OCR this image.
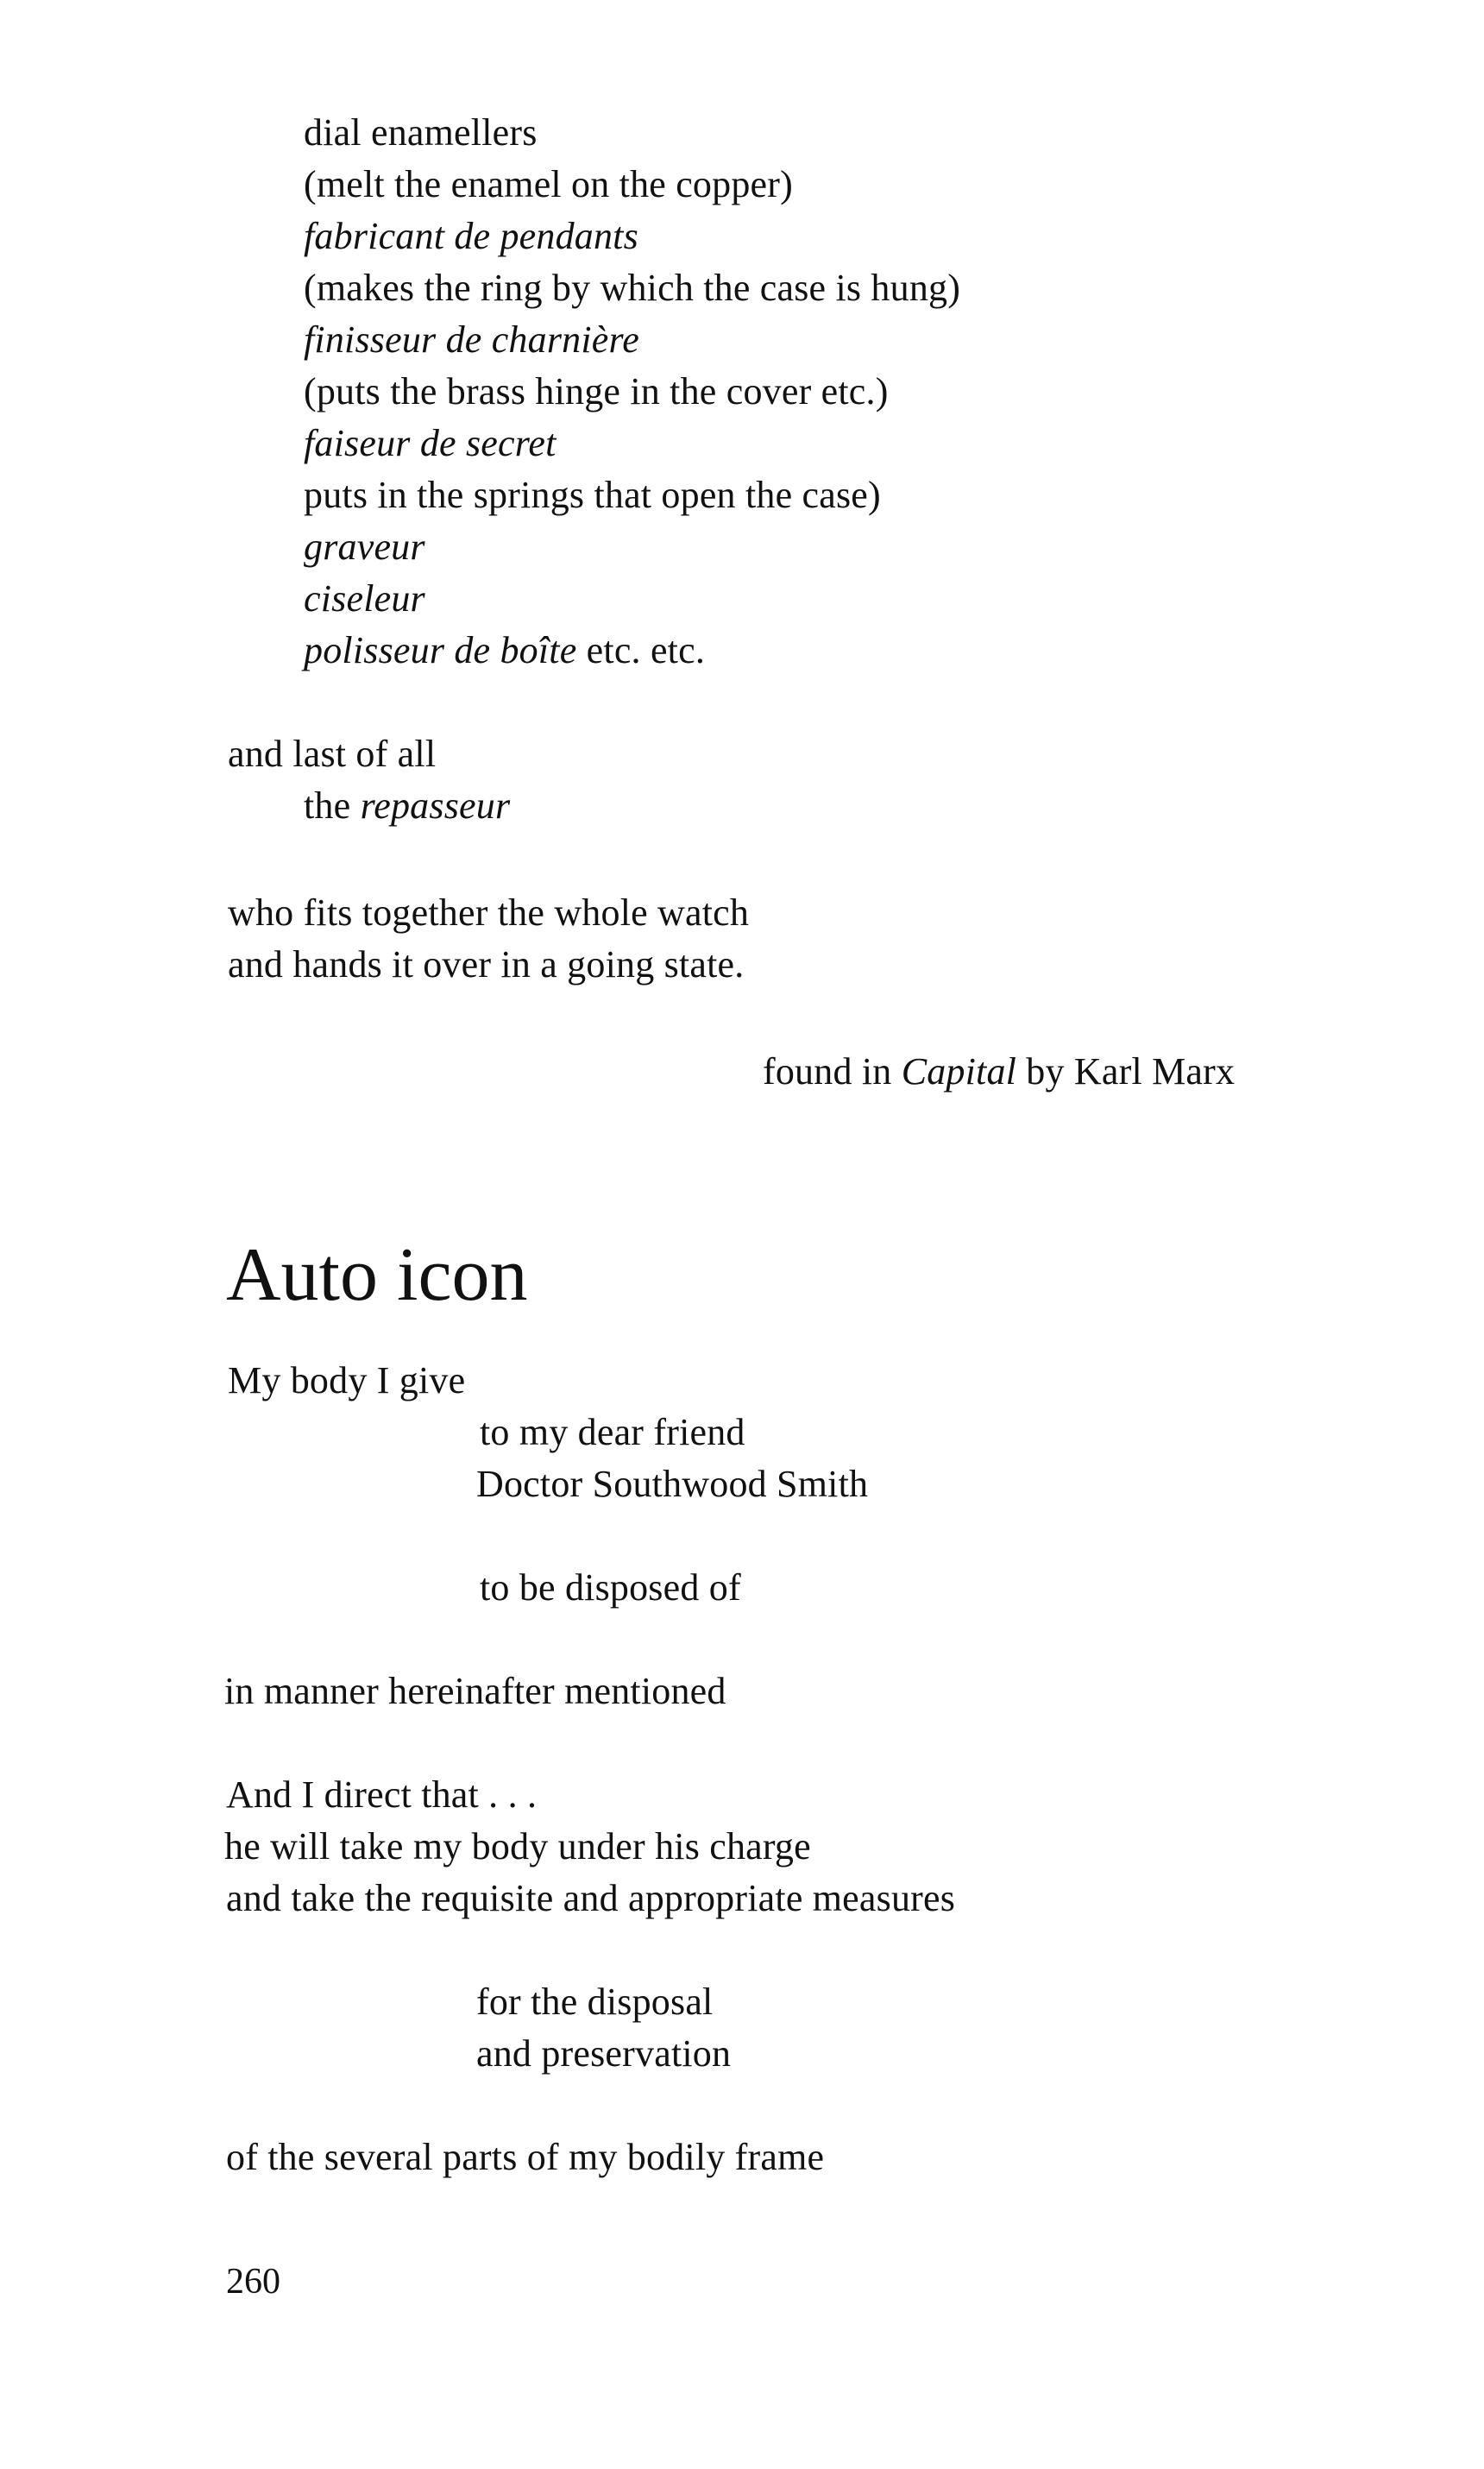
dial enamellers
(melt the enamel on the copper)
fabricant de pendants
(makes the ring by which the case is hung)
finisseur de charnière
(puts the brass hinge in the cover etc.)
faiseur de secret
puts in the springs that open the case)
graveur
ciseleur
polisseur de boîte etc. etc.
and last of all
the repasseur
who fits together the whole watch
and hands it over in a going state.
found in Capital by Karl Marx
Auto icon
My body I give
to my dear friend
Doctor Southwood Smith
to be disposed of
in manner hereinafter mentioned
And I direct that . . .
he will take my body under his charge
and take the requisite and appropriate measures
for the disposal
and preservation
of the several parts of my bodily frame
260
